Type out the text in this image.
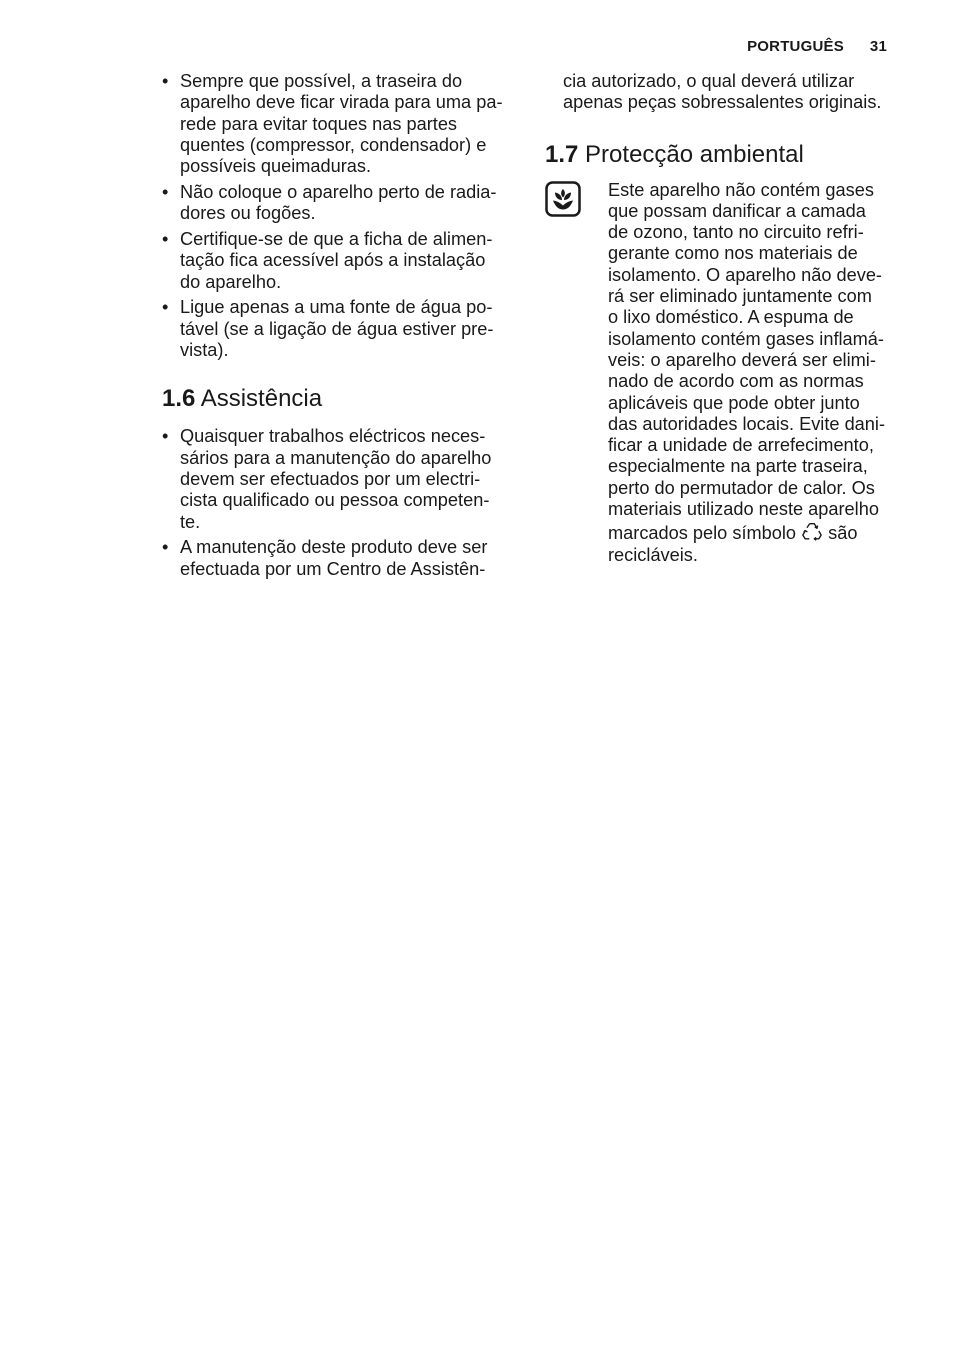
PORTUGUÊS 31
• Sempre que possível, a traseira do
aparelho deve ficar virada para uma pa-
rede para evitar toques nas partes
quentes (compressor, condensador) e
possíveis queimaduras.
• Não coloque o aparelho perto de radia-
dores ou fogões.
• Certifique-se de que a ficha de alimen-
tação fica acessível após a instalação
do aparelho.
• Ligue apenas a uma fonte de água po-
tável (se a ligação de água estiver pre-
vista).
1.6 Assistência
• Quaisquer trabalhos eléctricos neces-
sários para a manutenção do aparelho
devem ser efectuados por um electri-
cista qualificado ou pessoa competen-
te.
• A manutenção deste produto deve ser
efectuada por um Centro de Assistên-
cia autorizado, o qual deverá utilizar
apenas peças sobressalentes originais.
1.7 Protecção ambiental
Este aparelho não contém gases
que possam danificar a camada
de ozono, tanto no circuito refri-
gerante como nos materiais de
isolamento. O aparelho não deve-
rá ser eliminado juntamente com
o lixo doméstico. A espuma de
isolamento contém gases inflamá-
veis: o aparelho deverá ser elimi-
nado de acordo com as normas
aplicáveis que pode obter junto
das autoridades locais. Evite dani-
ficar a unidade de arrefecimento,
especialmente na parte traseira,
perto do permutador de calor. Os
materiais utilizado neste aparelho
marcados pelo símbolo  são
recicláveis.
